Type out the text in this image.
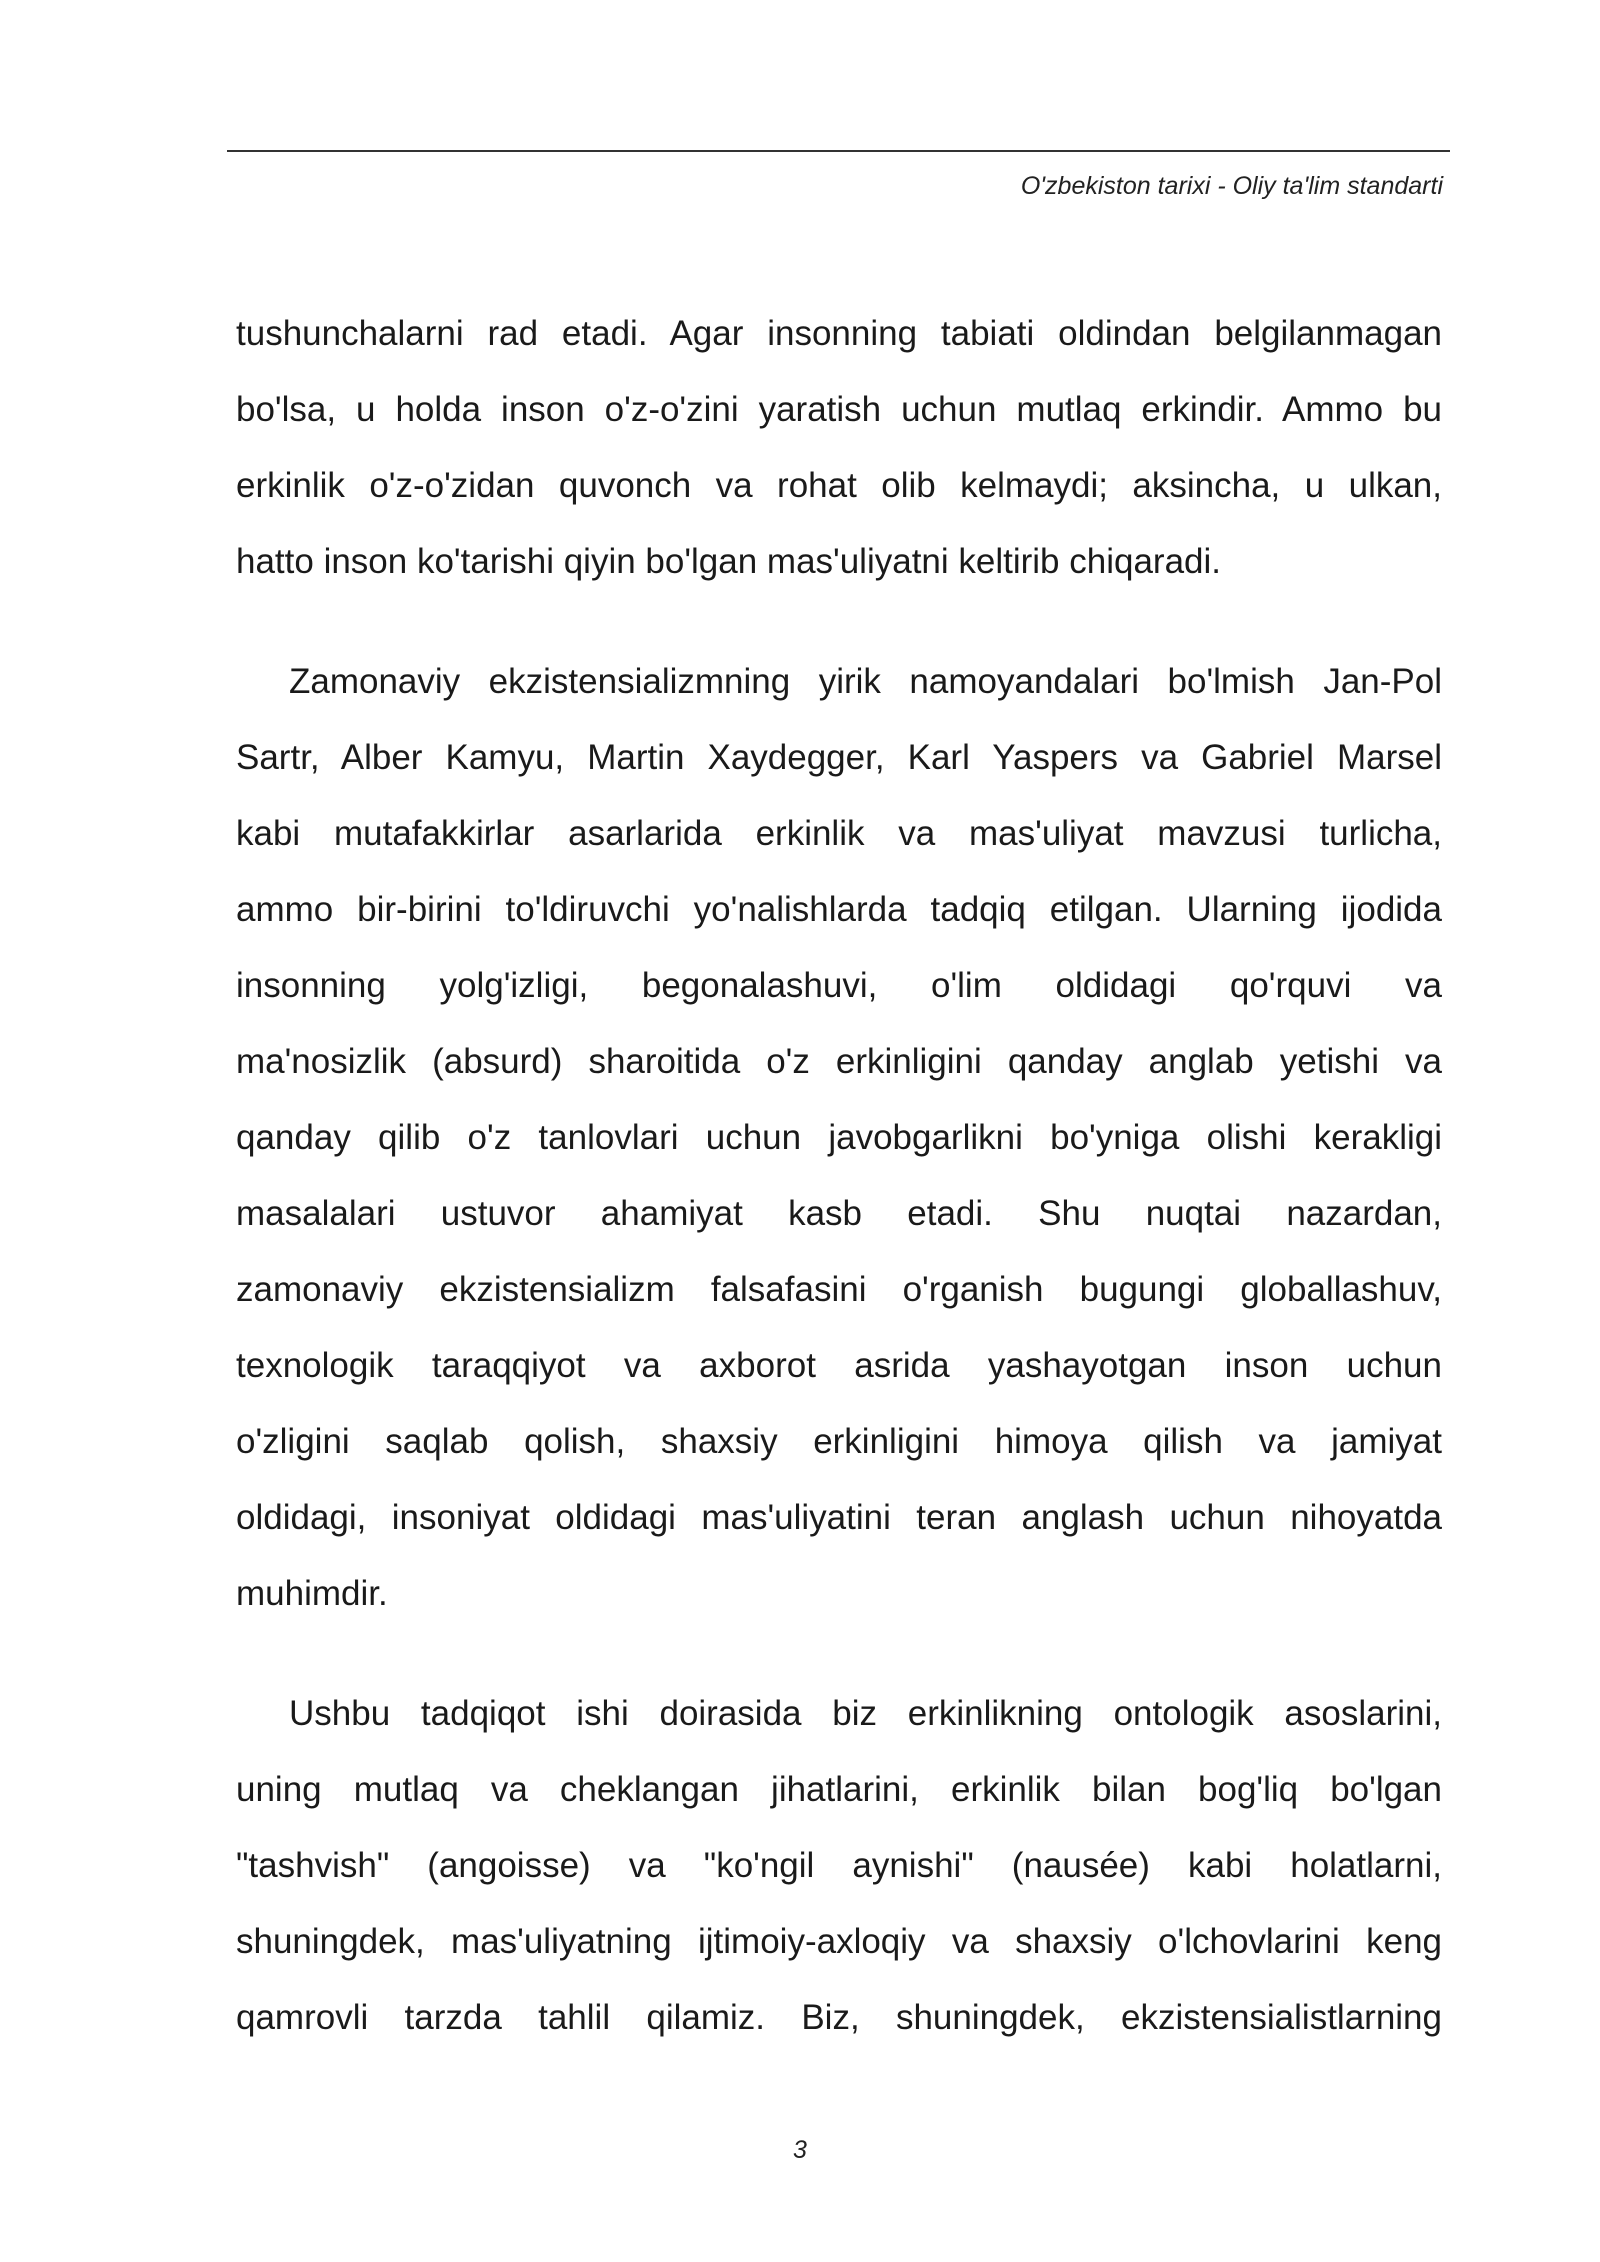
O'zbekiston tarixi - Oliy ta'lim standarti
tushunchalarni rad etadi. Agar insonning tabiati oldindan belgilanmagan
bo'lsa, u holda inson o'z-o'zini yaratish uchun mutlaq erkindir. Ammo bu
erkinlik o'z-o'zidan quvonch va rohat olib kelmaydi; aksincha, u ulkan,
hatto inson ko'tarishi qiyin bo'lgan mas'uliyatni keltirib chiqaradi.
Zamonaviy ekzistensializmning yirik namoyandalari bo'lmish Jan-Pol
Sartr, Alber Kamyu, Martin Xaydegger, Karl Yaspers va Gabriel Marsel
kabi mutafakkirlar asarlarida erkinlik va mas'uliyat mavzusi turlicha,
ammo bir-birini to'ldiruvchi yo'nalishlarda tadqiq etilgan. Ularning ijodida
insonning yolg'izligi, begonalashuvi, o'lim oldidagi qo'rquvi va
ma'nosizlik (absurd) sharoitida o'z erkinligini qanday anglab yetishi va
qanday qilib o'z tanlovlari uchun javobgarlikni bo'yniga olishi kerakligi
masalalari ustuvor ahamiyat kasb etadi. Shu nuqtai nazardan,
zamonaviy ekzistensializm falsafasini o'rganish bugungi globallashuv,
texnologik taraqqiyot va axborot asrida yashayotgan inson uchun
o'zligini saqlab qolish, shaxsiy erkinligini himoya qilish va jamiyat
oldidagi, insoniyat oldidagi mas'uliyatini teran anglash uchun nihoyatda
muhimdir.
Ushbu tadqiqot ishi doirasida biz erkinlikning ontologik asoslarini,
uning mutlaq va cheklangan jihatlarini, erkinlik bilan bog'liq bo'lgan
"tashvish" (angoisse) va "ko'ngil aynishi" (nausée) kabi holatlarni,
shuningdek, mas'uliyatning ijtimoiy-axloqiy va shaxsiy o'lchovlarini keng
qamrovli tarzda tahlil qilamiz. Biz, shuningdek, ekzistensialistlarning
3
